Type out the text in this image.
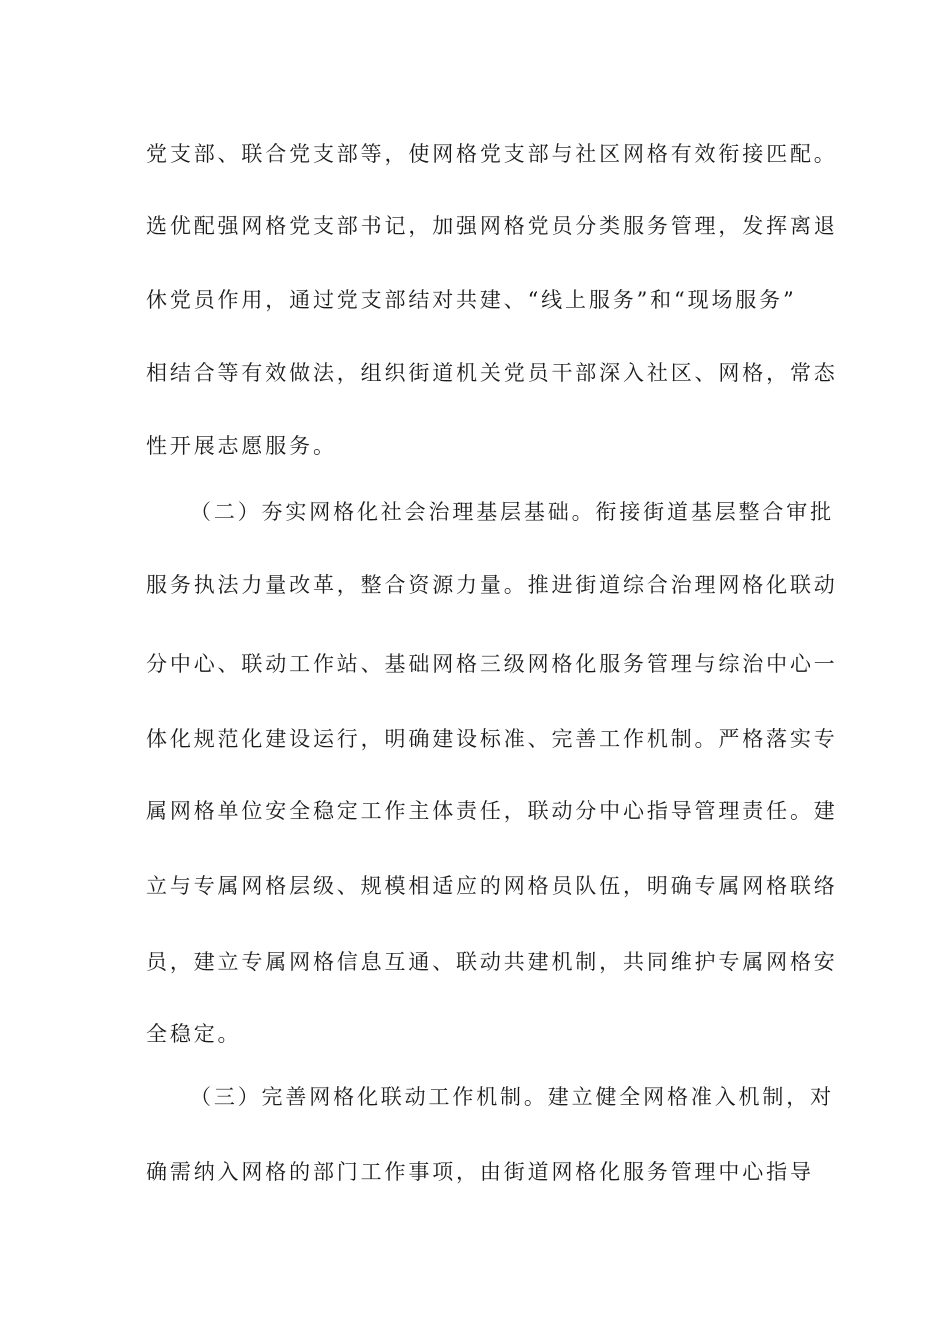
党支部、联合党支部等，使网格党支部与社区网格有效衔接匹配。
选优配强网格党支部书记，加强网格党员分类服务管理，发挥离退
休党员作用，通过党支部结对共建、“线上服务”和“现场服务”
相结合等有效做法，组织街道机关党员干部深入社区、网格，常态
性开展志愿服务。
（二）夯实网格化社会治理基层基础。衔接街道基层整合审批
服务执法力量改革，整合资源力量。推进街道综合治理网格化联动
分中心、联动工作站、基础网格三级网格化服务管理与综治中心一
体化规范化建设运行，明确建设标准、完善工作机制。严格落实专
属网格单位安全稳定工作主体责任，联动分中心指导管理责任。建
立与专属网格层级、规模相适应的网格员队伍，明确专属网格联络
员，建立专属网格信息互通、联动共建机制，共同维护专属网格安
全稳定。
（三）完善网格化联动工作机制。建立健全网格准入机制，对
确需纳入网格的部门工作事项，由街道网格化服务管理中心指导
